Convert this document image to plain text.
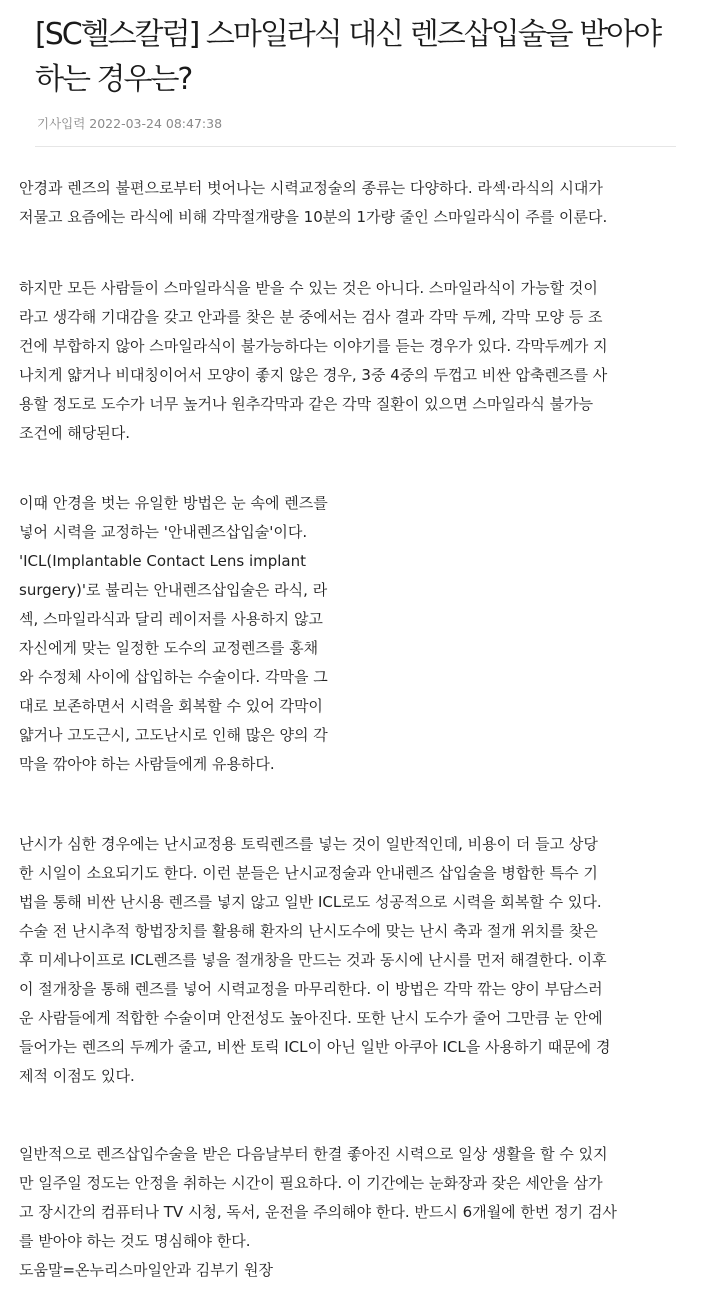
[SC헬스칼럼] 스마일라식 대신 렌즈삽입술을 받아야
하는 경우는?
기사입력 2022-03-24 08:47:38

안경과 렌즈의 불편으로부터 벗어나는 시력교정술의 종류는 다양하다. 라섹·라식의 시대가
저물고 요즘에는 라식에 비해 각막절개량을 10분의 1가량 줄인 스마일라식이 주를 이룬다.

하지만 모든 사람들이 스마일라식을 받을 수 있는 것은 아니다. 스마일라식이 가능할 것이
라고 생각해 기대감을 갖고 안과를 찾은 분 중에서는 검사 결과 각막 두께, 각막 모양 등 조
건에 부합하지 않아 스마일라식이 불가능하다는 이야기를 듣는 경우가 있다. 각막두께가 지
나치게 얇거나 비대칭이어서 모양이 좋지 않은 경우, 3중 4중의 두껍고 비싼 압축렌즈를 사
용할 정도로 도수가 너무 높거나 원추각막과 같은 각막 질환이 있으면 스마일라식 불가능
조건에 해당된다.

이때 안경을 벗는 유일한 방법은 눈 속에 렌즈를
넣어 시력을 교정하는 '안내렌즈삽입술'이다.
'ICL(Implantable Contact Lens implant
surgery)'로 불리는 안내렌즈삽입술은 라식, 라
섹, 스마일라식과 달리 레이저를 사용하지 않고
자신에게 맞는 일정한 도수의 교정렌즈를 홍채
와 수정체 사이에 삽입하는 수술이다. 각막을 그
대로 보존하면서 시력을 회복할 수 있어 각막이
얇거나 고도근시, 고도난시로 인해 많은 양의 각
막을 깎아야 하는 사람들에게 유용하다.

난시가 심한 경우에는 난시교정용 토릭렌즈를 넣는 것이 일반적인데, 비용이 더 들고 상당
한 시일이 소요되기도 한다. 이런 분들은 난시교정술과 안내렌즈 삽입술을 병합한 특수 기
법을 통해 비싼 난시용 렌즈를 넣지 않고 일반 ICL로도 성공적으로 시력을 회복할 수 있다.
수술 전 난시추적 항법장치를 활용해 환자의 난시도수에 맞는 난시 축과 절개 위치를 찾은
후 미세나이프로 ICL렌즈를 넣을 절개창을 만드는 것과 동시에 난시를 먼저 해결한다. 이후
이 절개창을 통해 렌즈를 넣어 시력교정을 마무리한다. 이 방법은 각막 깎는 양이 부담스러
운 사람들에게 적합한 수술이며 안전성도 높아진다. 또한 난시 도수가 줄어 그만큼 눈 안에
들어가는 렌즈의 두께가 줄고, 비싼 토릭 ICL이 아닌 일반 아쿠아 ICL을 사용하기 때문에 경
제적 이점도 있다.

일반적으로 렌즈삽입수술을 받은 다음날부터 한결 좋아진 시력으로 일상 생활을 할 수 있지
만 일주일 정도는 안정을 취하는 시간이 필요하다. 이 기간에는 눈화장과 잦은 세안을 삼가
고 장시간의 컴퓨터나 TV 시청, 독서, 운전을 주의해야 한다. 반드시 6개월에 한번 정기 검사
를 받아야 하는 것도 명심해야 한다.
도움말=온누리스마일안과 김부기 원장
